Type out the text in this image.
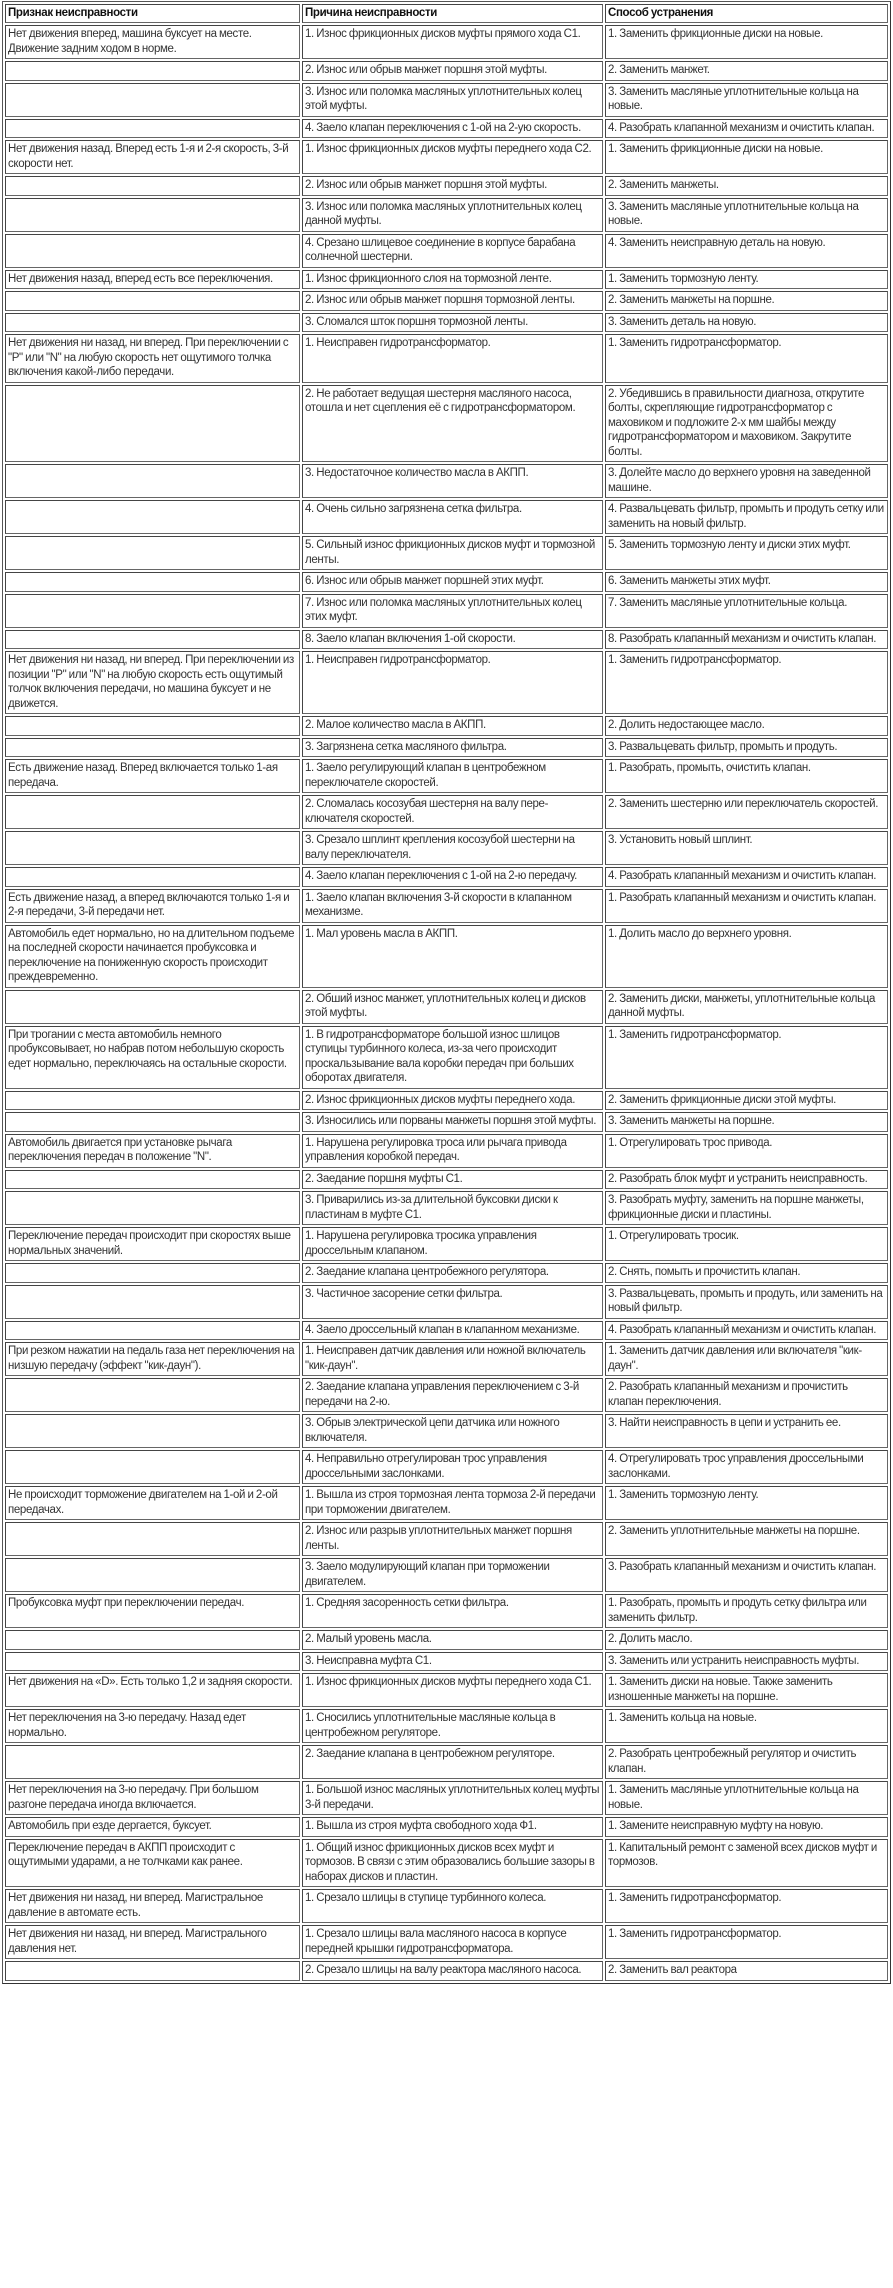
Признак неисправности	Причина неисправности	Способ устранения
Нет движения вперед, машина буксует на месте. Движение задним ходом в норме.	1. Износ фрикционных дисков муфты прямого хода С1.	1. Заменить фрикционные диски на новые.
	2. Износ или обрыв манжет поршня этой муфты.	2. Заменить манжет.
	3. Износ или поломка масляных уплотнительных колец этой муфты.	3. Заменить масляные уплотнительные кольца на новые.
	4. Заело клапан переключения с 1-ой на 2-ую скорость.	4. Разобрать клапанной механизм и очистить клапан.
Нет движения назад. Вперед есть 1-я и 2-я скорость, 3-й скорости нет.	1. Износ фрикционных дисков муфты переднего хода С2.	1. Заменить фрикционные диски на новые.
	2. Износ или обрыв манжет поршня этой муфты.	2. Заменить манжеты.
	3. Износ или поломка масляных уплотнительных колец данной муфты.	3. Заменить масляные уплотнительные кольца на новые.
	4. Срезано шлицевое соединение в корпусе барабана солнечной шестерни.	4. Заменить неисправную деталь на новую.
Нет движения назад, вперед есть все переключения.	1. Износ фрикционного слоя на тормозной ленте.	1. Заменить тормозную ленту.
	2. Износ или обрыв манжет поршня тормозной ленты.	2. Заменить манжеты на поршне.
	3. Сломался шток поршня тормозной ленты.	3. Заменить деталь на новую.
Нет движения ни назад, ни вперед. При переключении с "P" или "N" на любую скорость нет ощутимого толчка включения какой-либо передачи.	1. Неисправен гидротрансформатор.	1. Заменить гидротрансформатор.
	2. Не работает ведущая шестерня масляного насоса, отошла и нет сцепления её с гидротрансформатором.	2. Убедившись в правильности диагноза, открутите болты, скрепляющие гидротрансформатор с маховиком и подложите 2-х мм шайбы между гидротрансформатором и маховиком. Закрутите болты.
	3. Недостаточное количество масла в АКПП.	3. Долейте масло до верхнего уровня на заведенной машине.
	4. Очень сильно загрязнена сетка фильтра.	4. Развальцевать фильтр, промыть и продуть сетку или заменить на новый фильтр.
	5. Сильный износ фрикционных дисков муфт и тормозной ленты.	5. Заменить тормозную ленту и диски этих муфт.
	6. Износ или обрыв манжет поршней этих муфт.	6. Заменить манжеты этих муфт.
	7. Износ или поломка масляных уплотнительных колец этих муфт.	7. Заменить масляные уплотнительные кольца.
	8. Заело клапан включения 1-ой скорости.	8. Разобрать клапанный механизм и очистить клапан.
Нет движения ни назад, ни вперед. При переключении из позиции "P" или "N" на любую скорость есть ощутимый толчок включения передачи, но машина буксует и не движется.	1. Неисправен гидротрансформатор.	1. Заменить гидротрансформатор.
	2. Малое количество масла в АКПП.	2. Долить недостающее масло.
	3. Загрязнена сетка масляного фильтра.	3. Развальцевать фильтр, промыть и продуть.
Есть движение назад. Вперед включается только 1-ая передача.	1. Заело регулирующий клапан в центробежном переключателе скоростей.	1. Разобрать, промыть, очистить клапан.
	2. Сломалась косозубая шестерня на валу пере-ключателя скоростей.	2. Заменить шестерню или переключатель скоростей.
	3. Срезало шплинт крепления косозубой шестерни на валу переключателя.	3. Установить новый шплинт.
	4. Заело клапан переключения с 1-ой на 2-ю передачу.	4. Разобрать клапанный механизм и очистить клапан.
Есть движение назад, а вперед включаются только 1-я и 2-я передачи, 3-й передачи нет.	1. Заело клапан включения 3-й скорости в клапанном механизме.	1. Разобрать клапанный механизм и очистить клапан.
Автомобиль едет нормально, но на длительном подъеме на последней скорости начинается пробуксовка и переключение на пониженную скорость происходит преждевременно.	1. Мал уровень масла в АКПП.	1. Долить масло до верхнего уровня.
	2. Обший износ манжет, уплотнительных колец и дисков этой муфты.	2. Заменить диски, манжеты, уплотнительные кольца данной муфты.
При трогании с места автомобиль немного пробуксовывает, но набрав потом небольшую скорость едет нормально, переключаясь на остальные скорости.	1. В гидротрансформаторе большой износ шлицов ступицы турбинного колеса, из-за чего происходит проскальзывание вала коробки передач при больших оборотах двигателя.	1. Заменить гидротрансформатор.
	2. Износ фрикционных дисков муфты переднего хода.	2. Заменить фрикционные диски этой муфты.
	3. Износились или порваны манжеты поршня этой муфты.	3. Заменить манжеты на поршне.
Автомобиль двигается при установке рычага переключения передач в положение "N".	1. Нарушена регулировка троса или рычага привода управления коробкой передач.	1. Отрегулировать трос привода.
	2. Заедание поршня муфты С1.	2. Разобрать блок муфт и устранить неисправность.
	3. Приварились из-за длительной буксовки диски к пластинам в муфте С1.	3. Разобрать муфту, заменить на поршне манжеты, фрикционные диски и пластины.
Переключение передач происходит при скоростях выше нормальных значений.	1. Нарушена регулировка тросика управления дроссельным клапаном.	1. Отрегулировать тросик.
	2. Заедание клапана центробежного регулятора.	2. Снять, помыть и прочистить клапан.
	3. Частичное засорение сетки фильтра.	3. Развальцевать, промыть и продуть, или заменить на новый фильтр.
	4. Заело дроссельный клапан в клапанном механизме.	4. Разобрать клапанный механизм и очистить клапан.
При резком нажатии на педаль газа нет переключения на низшую передачу (эффект "кик-даун").	1. Неисправен датчик давления или ножной включатель "кик-даун".	1. Заменить датчик давления или включателя "кик-даун".
	2. Заедание клапана управления переключением с 3-й передачи на 2-ю.	2. Разобрать клапанный механизм и прочистить клапан переключения.
	3. Обрыв электрической цепи датчика или ножного включателя.	3. Найти неисправность в цепи и устранить ее.
	4. Неправильно отрегулирован трос управления дроссельными заслонками.	4. Отрегулировать трос управления дроссельными заслонками.
Не происходит торможение двигателем на 1-ой и 2-ой передачах.	1. Вышла из строя тормозная лента тормоза 2-й передачи при торможении двигателем.	1. Заменить тормозную ленту.
	2. Износ или разрыв уплотнительных манжет поршня ленты.	2. Заменить уплотнительные манжеты на поршне.
	3. Заело модулирующий клапан при торможении двигателем.	3. Разобрать клапанный механизм и очистить клапан.
Пробуксовка муфт при переключении передач.	1. Средняя засоренность сетки фильтра.	1. Разобрать, промыть и продуть сетку фильтра или заменить фильтр.
	2. Малый уровень масла.	2. Долить масло.
	3. Неисправна муфта С1.	3. Заменить или устранить неисправность муфты.
Нет движения на «D». Есть только 1,2 и задняя скорости.	1. Износ фрикционных дисков муфты переднего хода С1.	1. Заменить диски на новые. Также заменить изношенные манжеты на поршне.
Нет переключения на 3-ю передачу. Назад едет нормально.	1. Сносились уплотнительные масляные кольца в центробежном регуляторе.	1. Заменить кольца на новые.
	2. Заедание клапана в центробежном регуляторе.	2. Разобрать центробежный регулятор и очистить клапан.
Нет переключения на 3-ю передачу. При большом разгоне передача иногда включается.	1. Большой износ масляных уплотнительных колец муфты 3-й передачи.	1. Заменить масляные уплотнительные кольца на новые.
Автомобиль при езде дергается, буксует.	1. Вышла из строя муфта свободного хода Ф1.	1. Замените неисправную муфту на новую.
Переключение передач в АКПП происходит с ощутимыми ударами, а не толчками как ранее.	1. Общий износ фрикционных дисков всех муфт и тормозов. В связи с этим образовались большие зазоры в наборах дисков и пластин.	1. Капитальный ремонт с заменой всех дисков муфт и тормозов.
Нет движения ни назад, ни вперед. Магистральное давление в автомате есть.	1. Срезало шлицы в ступице турбинного колеса.	1. Заменить гидротрансформатор.
Нет движения ни назад, ни вперед. Магистрального давления нет.	1. Срезало шлицы вала масляного насоса в корпусе передней крышки гидротрансформатора.	1. Заменить гидротрансформатор.
	2. Срезало шлицы на валу реактора масляного насоса.	2. Заменить вал реактора
